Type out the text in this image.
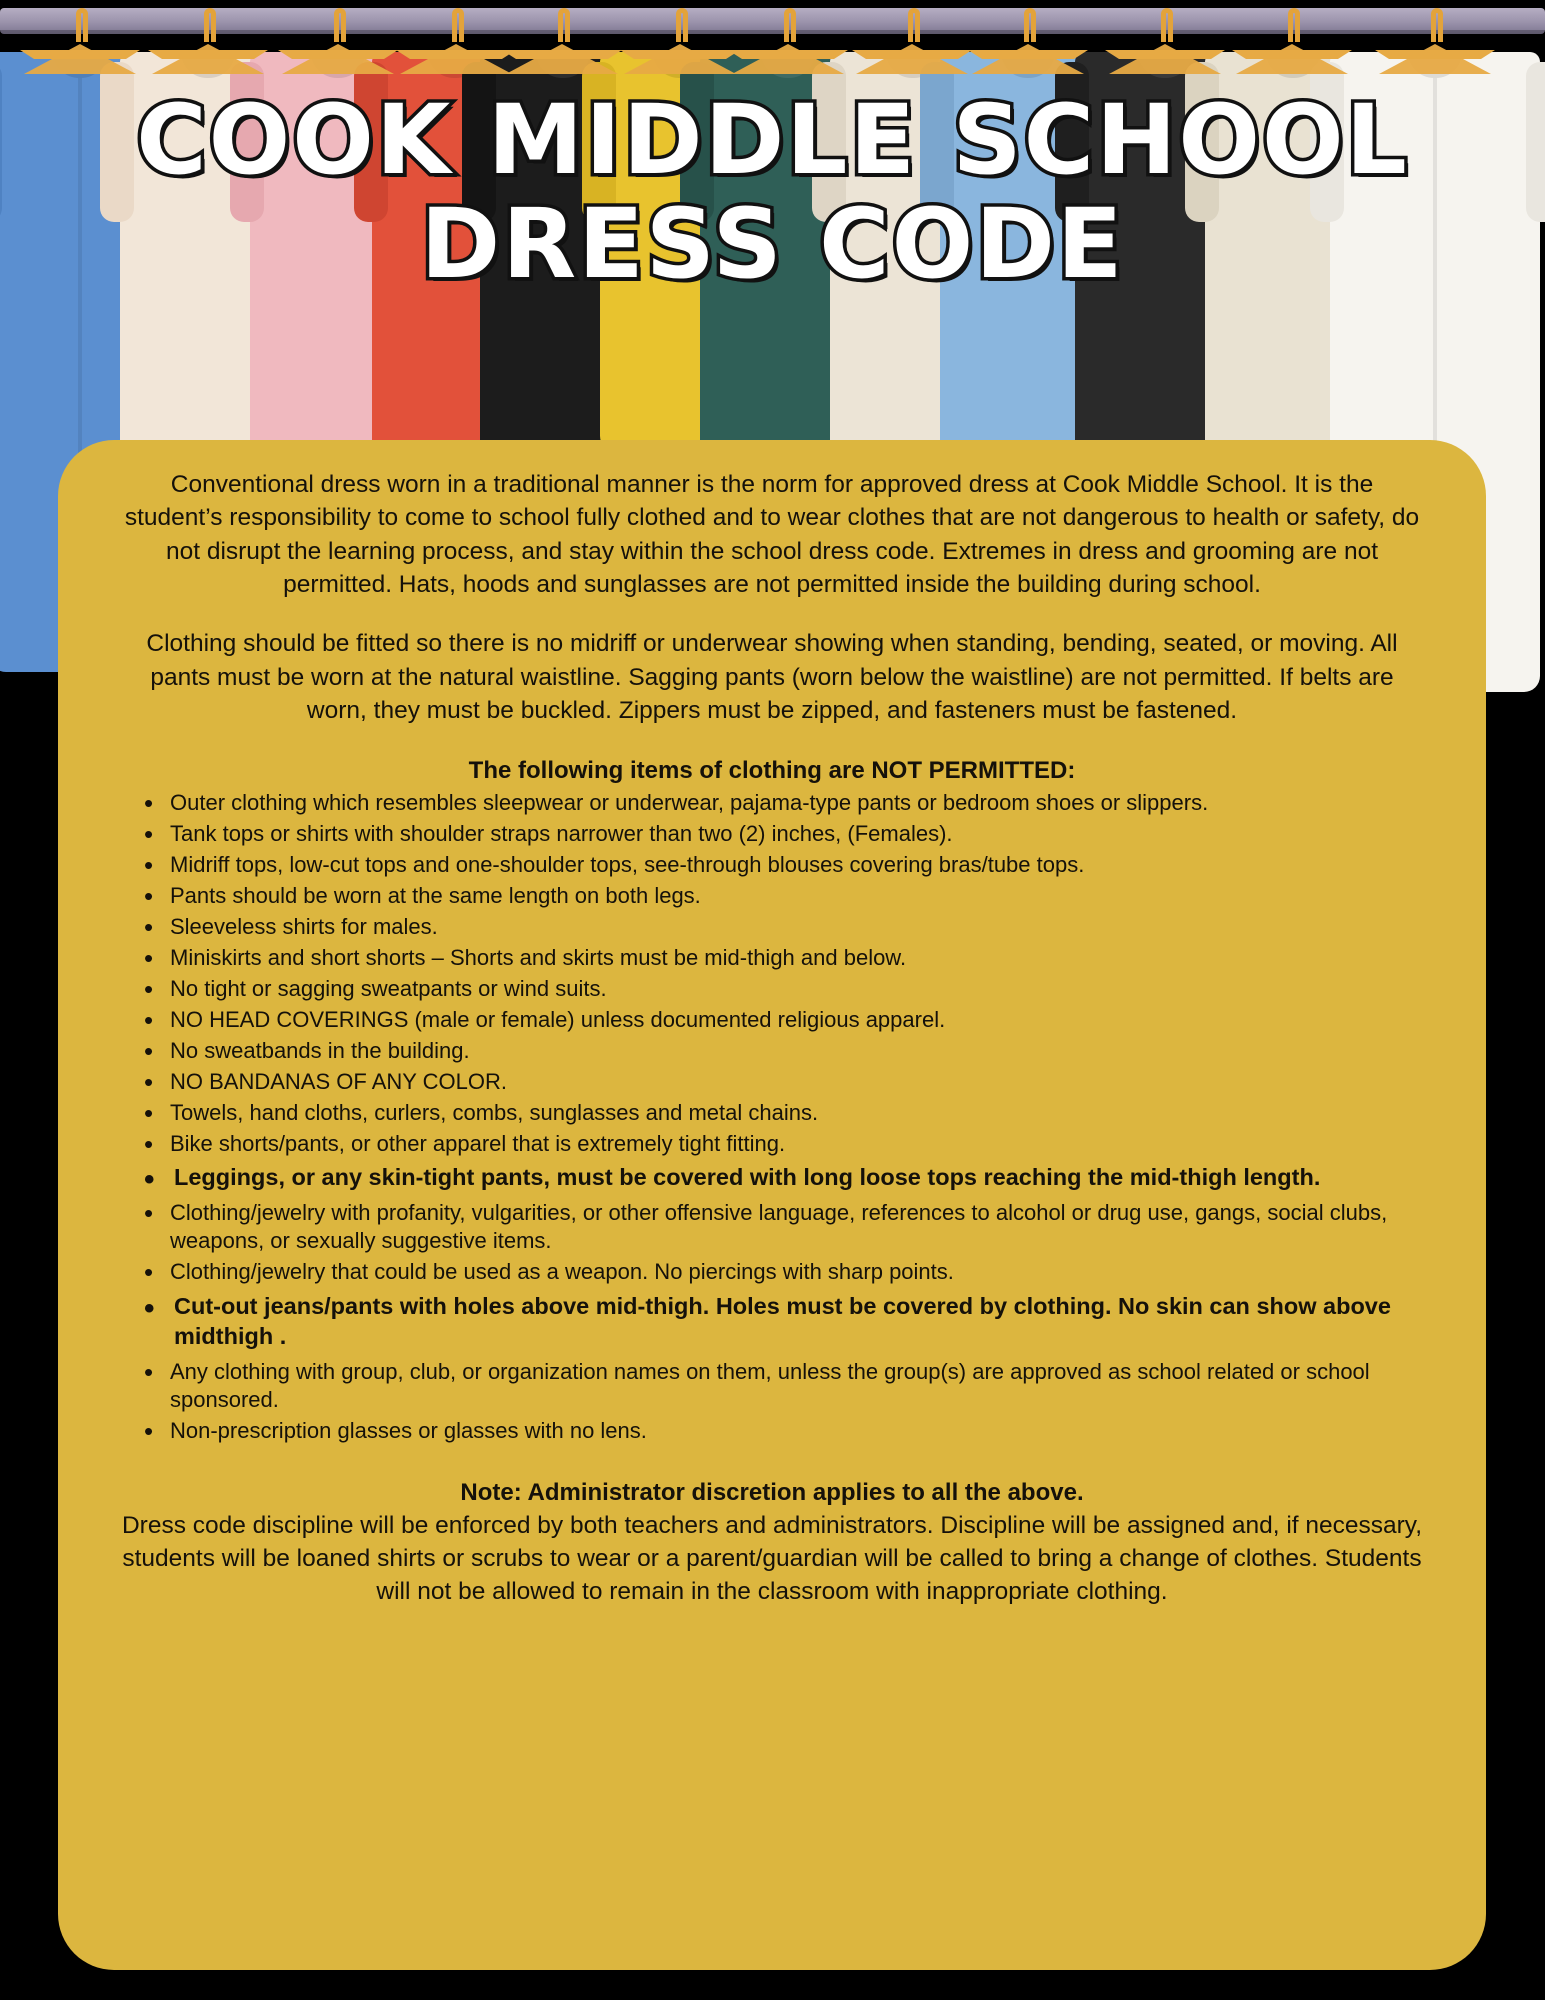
COOK MIDDLE SCHOOL
DRESS CODE

Conventional dress worn in a traditional manner is the norm for approved dress at Cook Middle School. It is the student’s responsibility to come to school fully clothed and to wear clothes that are not dangerous to health or safety, do not disrupt the learning process, and stay within the school dress code. Extremes in dress and grooming are not permitted. Hats, hoods and sunglasses are not permitted inside the building during school.

Clothing should be fitted so there is no midriff or underwear showing when standing, bending, seated, or moving. All pants must be worn at the natural waistline. Sagging pants (worn below the waistline) are not permitted. If belts are worn, they must be buckled. Zippers must be zipped, and fasteners must be fastened.

The following items of clothing are NOT PERMITTED:
• Outer clothing which resembles sleepwear or underwear, pajama-type pants or bedroom shoes or slippers.
• Tank tops or shirts with shoulder straps narrower than two (2) inches, (Females).
• Midriff tops, low-cut tops and one-shoulder tops, see-through blouses covering bras/tube tops.
• Pants should be worn at the same length on both legs.
• Sleeveless shirts for males.
• Miniskirts and short shorts – Shorts and skirts must be mid-thigh and below.
• No tight or sagging sweatpants or wind suits.
• NO HEAD COVERINGS (male or female) unless documented religious apparel.
• No sweatbands in the building.
• NO BANDANAS OF ANY COLOR.
• Towels, hand cloths, curlers, combs, sunglasses and metal chains.
• Bike shorts/pants, or other apparel that is extremely tight fitting.
• Leggings, or any skin-tight pants, must be covered with long loose tops reaching the mid-thigh length.
• Clothing/jewelry with profanity, vulgarities, or other offensive language, references to alcohol or drug use, gangs, social clubs, weapons, or sexually suggestive items.
• Clothing/jewelry that could be used as a weapon. No piercings with sharp points.
• Cut-out jeans/pants with holes above mid-thigh. Holes must be covered by clothing. No skin can show above midthigh .
• Any clothing with group, club, or organization names on them, unless the group(s) are approved as school related or school sponsored.
• Non-prescription glasses or glasses with no lens.
Note: Administrator discretion applies to all the above.

Dress code discipline will be enforced by both teachers and administrators. Discipline will be assigned and, if necessary, students will be loaned shirts or scrubs to wear or a parent/guardian will be called to bring a change of clothes. Students will not be allowed to remain in the classroom with inappropriate clothing.
